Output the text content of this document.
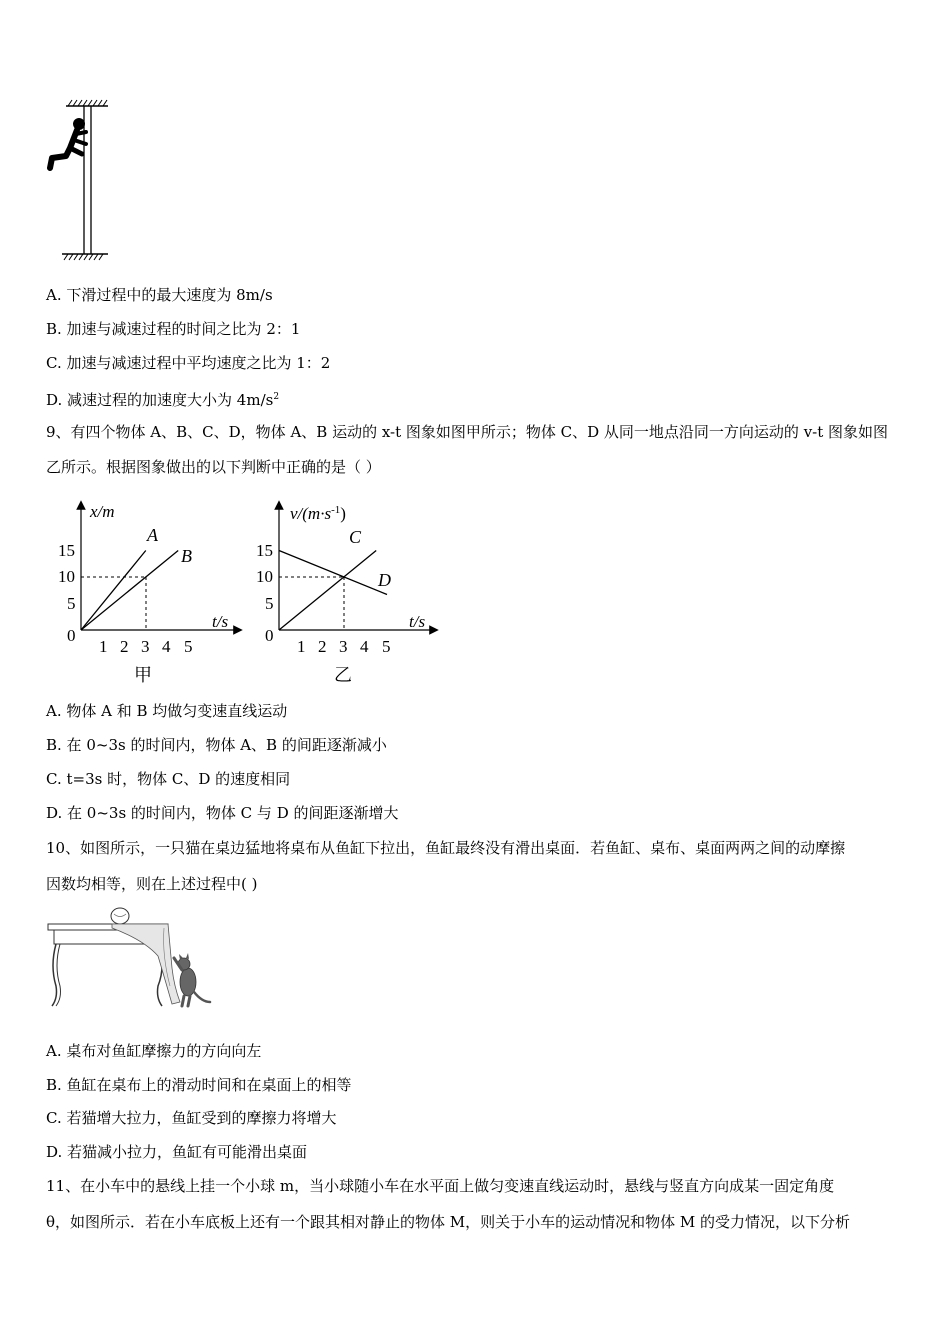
A. 下滑过程中的最大速度为 8m/s
B. 加速与减速过程的时间之比为 2：1
C. 加速与减速过程中平均速度之比为 1：2
D. 减速过程的加速度大小为 $4m/s^2$
9、有四个物体 A、B、C、D，物体 A、B 运动的 x-t 图象如图甲所示；物体 C、D 从同一地点沿同一方向运动的 v-t 图象如图
乙所示。根据图象做出的以下判断中正确的是（ ）
x/m
t/s
15
10
5
0
1 2 3 4 5
A
B
甲
$v/(m\cdot s^{-1})$
t/s
15
10
5
0
1 2 3 4 5
C
D
乙
A. 物体 A 和 B 均做匀变速直线运动
B. 在 0~3s 的时间内，物体 A、B 的间距逐渐减小
C. t=3s 时，物体 C、D 的速度相同
D. 在 0~3s 的时间内，物体 C 与 D 的间距逐渐增大
10、如图所示，一只猫在桌边猛地将桌布从鱼缸下拉出，鱼缸最终没有滑出桌面．若鱼缸、桌布、桌面两两之间的动摩擦
因数均相等，则在上述过程中( )
A. 桌布对鱼缸摩擦力的方向向左
B. 鱼缸在桌布上的滑动时间和在桌面上的相等
C. 若猫增大拉力，鱼缸受到的摩擦力将增大
D. 若猫减小拉力，鱼缸有可能滑出桌面
11、在小车中的悬线上挂一个小球 m，当小球随小车在水平面上做匀变速直线运动时，悬线与竖直方向成某一固定角度
θ，如图所示．若在小车底板上还有一个跟其相对静止的物体 M，则关于小车的运动情况和物体 M 的受力情况，以下分析
